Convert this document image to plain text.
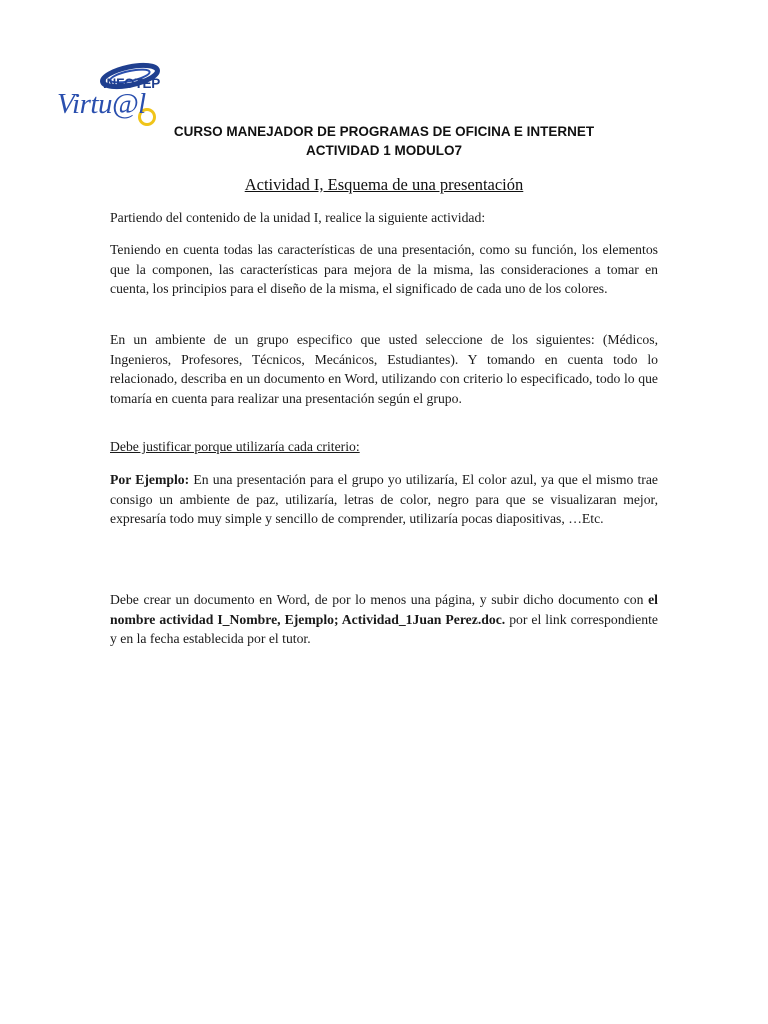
INFOTEP
Virtu@l
CURSO MANEJADOR DE PROGRAMAS DE OFICINA E INTERNET
ACTIVIDAD 1 MODULO7
Actividad I, Esquema de una presentación

Partiendo del contenido de la unidad I, realice la siguiente actividad:

Teniendo en cuenta todas las características de una presentación, como su función, los elementos que la componen, las características para mejora de la misma, las consideraciones a tomar en cuenta, los principios para el diseño de la misma, el significado de cada uno de los colores.

En un ambiente de un grupo especifico que usted seleccione de los siguientes: (Médicos, Ingenieros, Profesores, Técnicos, Mecánicos, Estudiantes). Y tomando en cuenta todo lo relacionado, describa en un documento en Word, utilizando con criterio lo especificado, todo lo que tomaría en cuenta para realizar una presentación según el grupo.

Debe justificar porque utilizaría cada criterio:

Por Ejemplo: En una presentación para el grupo yo utilizaría, El color azul, ya que el mismo trae consigo un ambiente de paz, utilizaría, letras de color, negro para que se visualizaran mejor, expresaría todo muy simple y sencillo de comprender, utilizaría pocas diapositivas, …Etc.

Debe crear un documento en Word, de por lo menos una página, y subir dicho documento con el nombre actividad I_Nombre, Ejemplo; Actividad_1Juan Perez.doc. por el link correspondiente y en la fecha establecida por el tutor.
